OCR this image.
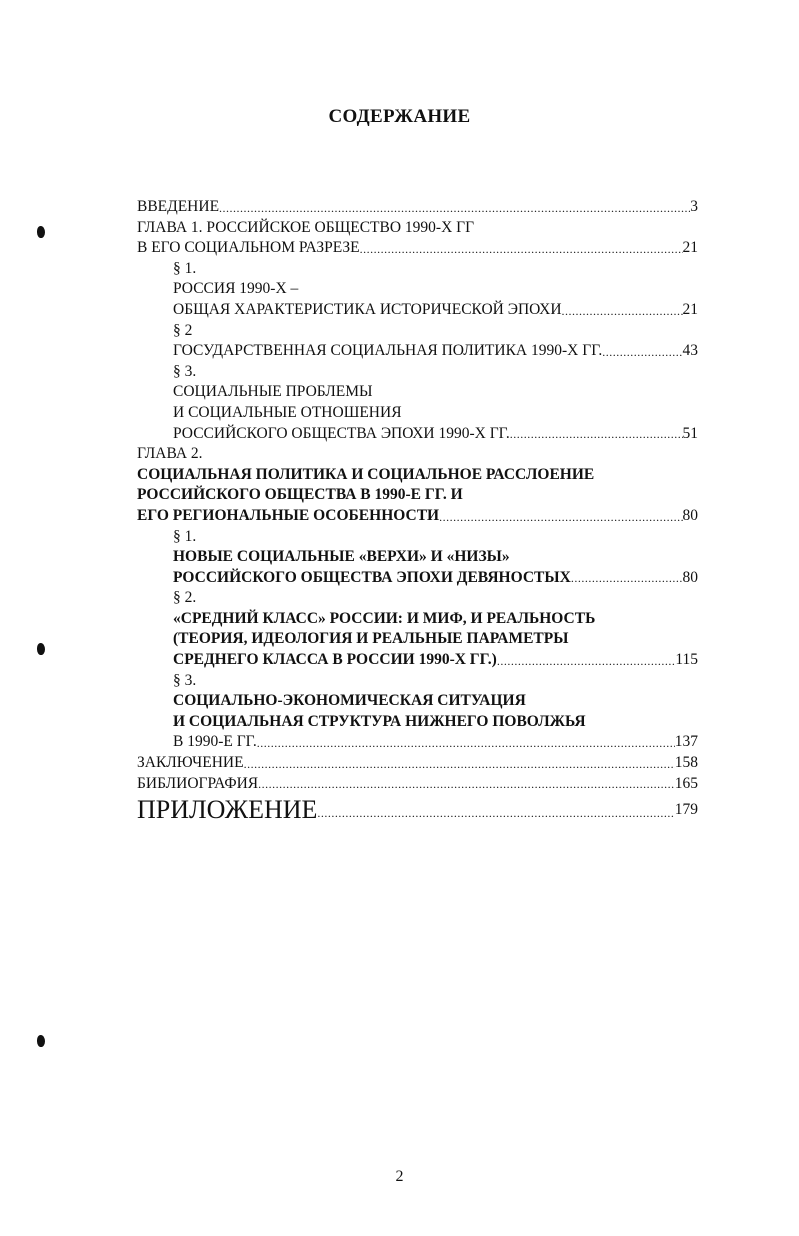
СОДЕРЖАНИЕ
ВВЕДЕНИЕ .....	3
ГЛАВА 1. РОССИЙСКОЕ ОБЩЕСТВО 1990-Х ГГ
В ЕГО СОЦИАЛЬНОМ РАЗРЕЗЕ .....	21
§ 1.
РОССИЯ 1990-Х –
ОБЩАЯ ХАРАКТЕРИСТИКА ИСТОРИЧЕСКОЙ ЭПОХИ .....	21
§ 2
ГОСУДАРСТВЕННАЯ СОЦИАЛЬНАЯ ПОЛИТИКА 1990-Х ГГ. .....	43
§ 3.
СОЦИАЛЬНЫЕ ПРОБЛЕМЫ
И СОЦИАЛЬНЫЕ ОТНОШЕНИЯ
РОССИЙСКОГО ОБЩЕСТВА ЭПОХИ 1990-Х ГГ. .....	51
ГЛАВА 2.
СОЦИАЛЬНАЯ ПОЛИТИКА И СОЦИАЛЬНОЕ РАССЛОЕНИЕ
РОССИЙСКОГО ОБЩЕСТВА В 1990-Е ГГ. И
ЕГО РЕГИОНАЛЬНЫЕ ОСОБЕННОСТИ .....	80
§ 1.
НОВЫЕ СОЦИАЛЬНЫЕ «ВЕРХИ» И «НИЗЫ»
РОССИЙСКОГО ОБЩЕСТВА ЭПОХИ ДЕВЯНОСТЫХ .....	80
§ 2.
«СРЕДНИЙ КЛАСС» РОССИИ: И МИФ, И РЕАЛЬНОСТЬ
(ТЕОРИЯ, ИДЕОЛОГИЯ И РЕАЛЬНЫЕ ПАРАМЕТРЫ
СРЕДНЕГО КЛАССА В РОССИИ 1990-Х ГГ.) .....	115
§ 3.
СОЦИАЛЬНО-ЭКОНОМИЧЕСКАЯ СИТУАЦИЯ
И СОЦИАЛЬНАЯ СТРУКТУРА НИЖНЕГО ПОВОЛЖЬЯ
В 1990-Е ГГ. .....	137
ЗАКЛЮЧЕНИЕ .....	158
БИБЛИОГРАФИЯ .....	165
ПРИЛОЖЕНИЕ .....	179
2
